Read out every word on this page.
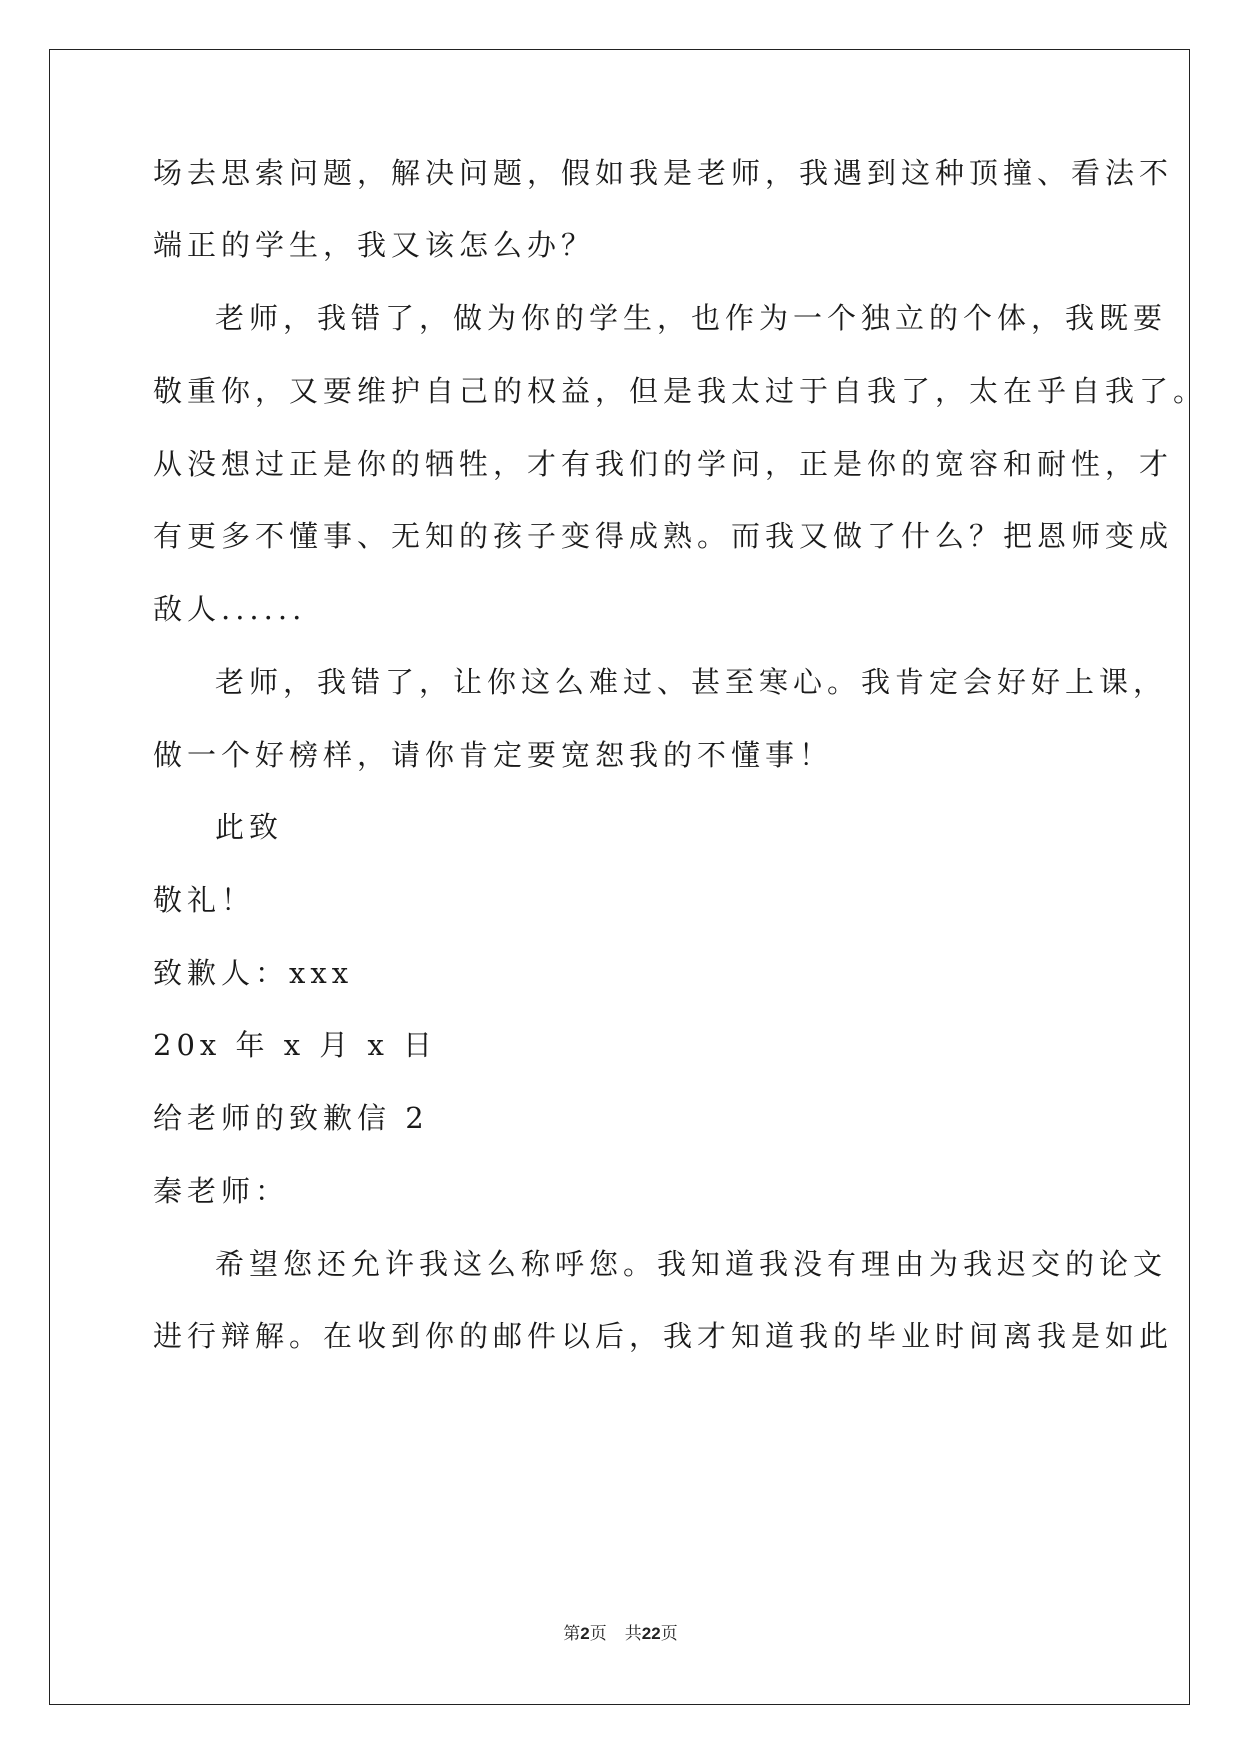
场去思索问题，解决问题，假如我是老师，我遇到这种顶撞、看法不
端正的学生，我又该怎么办？
老师，我错了，做为你的学生，也作为一个独立的个体，我既要
敬重你，又要维护自己的权益，但是我太过于自我了，太在乎自我了。
从没想过正是你的牺牲，才有我们的学问，正是你的宽容和耐性，才
有更多不懂事、无知的孩子变得成熟。而我又做了什么？把恩师变成
敌人......
老师，我错了，让你这么难过、甚至寒心。我肯定会好好上课，
做一个好榜样，请你肯定要宽恕我的不懂事！
此致
敬礼！
致歉人：xxx
20x 年 x 月 x 日
给老师的致歉信 2
秦老师：
希望您还允许我这么称呼您。我知道我没有理由为我迟交的论文
进行辩解。在收到你的邮件以后，我才知道我的毕业时间离我是如此
第2页 共22页
